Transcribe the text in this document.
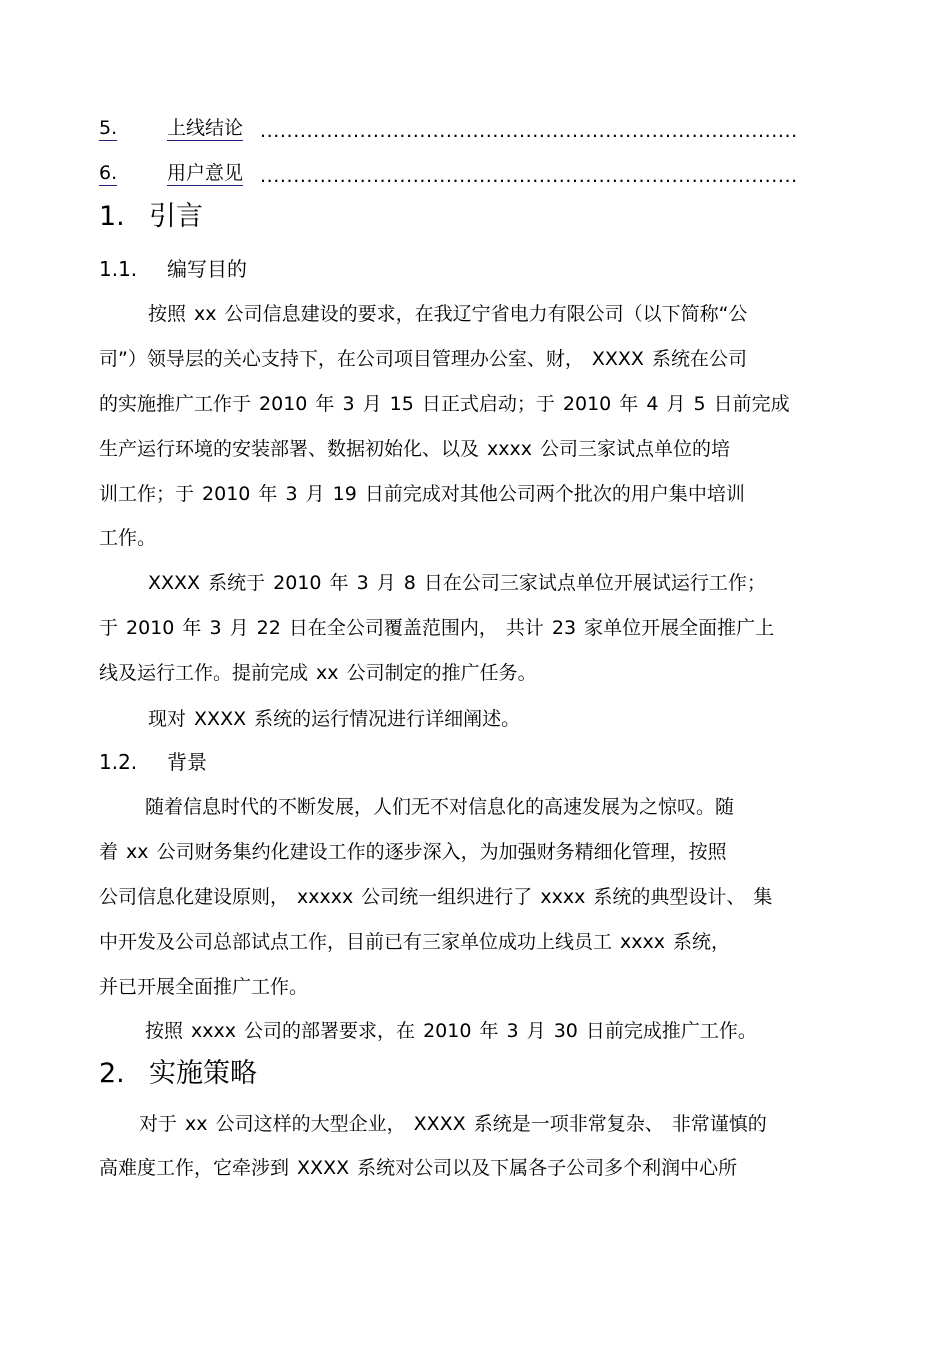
5.	上线结论 .................................................................................
6.	用户意见 .................................................................................
1. 引言
1.1. 编写目的
按照 xx 公司信息建设的要求，在我辽宁省电力有限公司（以下简称“公
司”）领导层的关心支持下，在公司项目管理办公室、财， XXXX 系统在公司
的实施推广工作于 2010 年 3 月 15 日正式启动；于 2010 年 4 月 5 日前完成
生产运行环境的安装部署、数据初始化、以及 xxxx 公司三家试点单位的培
训工作；于 2010 年 3 月 19 日前完成对其他公司两个批次的用户集中培训
工作。
XXXX 系统于 2010 年 3 月 8 日在公司三家试点单位开展试运行工作；
于 2010 年 3 月 22 日在全公司覆盖范围内， 共计 23 家单位开展全面推广上
线及运行工作。提前完成 xx 公司制定的推广任务。
现对 XXXX 系统的运行情况进行详细阐述。
1.2. 背景
随着信息时代的不断发展，人们无不对信息化的高速发展为之惊叹。随
着 xx 公司财务集约化建设工作的逐步深入，为加强财务精细化管理，按照
公司信息化建设原则， xxxxx 公司统一组织进行了 xxxx 系统的典型设计、 集
中开发及公司总部试点工作，目前已有三家单位成功上线员工 xxxx 系统，
并已开展全面推广工作。
按照 xxxx 公司的部署要求，在 2010 年 3 月 30 日前完成推广工作。
2. 实施策略
对于 xx 公司这样的大型企业， XXXX 系统是一项非常复杂、 非常谨慎的
高难度工作，它牵涉到 XXXX 系统对公司以及下属各子公司多个利润中心所
